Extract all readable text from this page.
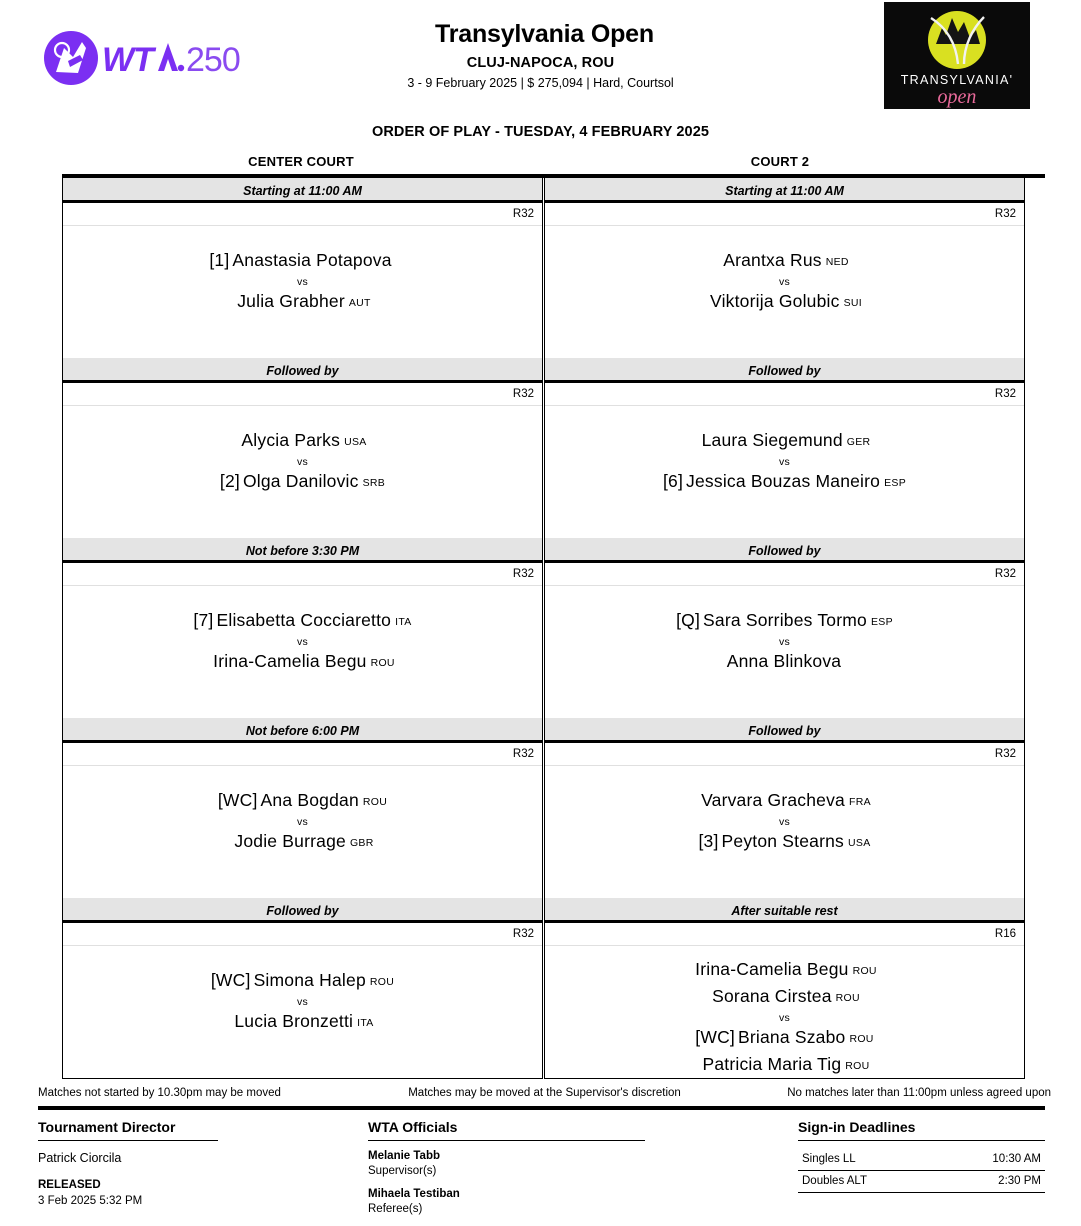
WT 250
Transylvania Open
CLUJ-NAPOCA, ROU
3 - 9 February 2025 | $ 275,094 | Hard, Courtsol	TRANSYLVANIA'
open
ORDER OF PLAY - TUESDAY, 4 FEBRUARY 2025
CENTER COURT	COURT 2
Starting at 11:00 AM
R32
[1] Anastasia Potapova
vs
Julia Grabher AUT
Starting at 11:00 AM
R32
Arantxa Rus NED
vs
Viktorija Golubic SUI
Followed by
R32
Alycia Parks USA
vs
[2] Olga Danilovic SRB
Followed by
R32
Laura Siegemund GER
vs
[6] Jessica Bouzas Maneiro ESP
Not before 3:30 PM
R32
[7] Elisabetta Cocciaretto ITA
vs
Irina-Camelia Begu ROU
Followed by
R32
[Q] Sara Sorribes Tormo ESP
vs
Anna Blinkova
Not before 6:00 PM
R32
[WC] Ana Bogdan ROU
vs
Jodie Burrage GBR
Followed by
R32
Varvara Gracheva FRA
vs
[3] Peyton Stearns USA
Followed by
R32
[WC] Simona Halep ROU
vs
Lucia Bronzetti ITA
After suitable rest
R16
Irina-Camelia Begu ROU
Sorana Cirstea ROU
vs
[WC] Briana Szabo ROU
Patricia Maria Tig ROU
Matches not started by 10.30pm may be moved	Matches may be moved at the Supervisor's discretion	No matches later than 11:00pm unless agreed upon
Tournament Director
Patrick Ciorcila
RELEASED
3 Feb 2025 5:32 PM
WTA Officials
Melanie Tabb
Supervisor(s)
Mihaela Testiban
Referee(s)
Sign-in Deadlines
Singles LL	10:30 AM
Doubles ALT	2:30 PM
